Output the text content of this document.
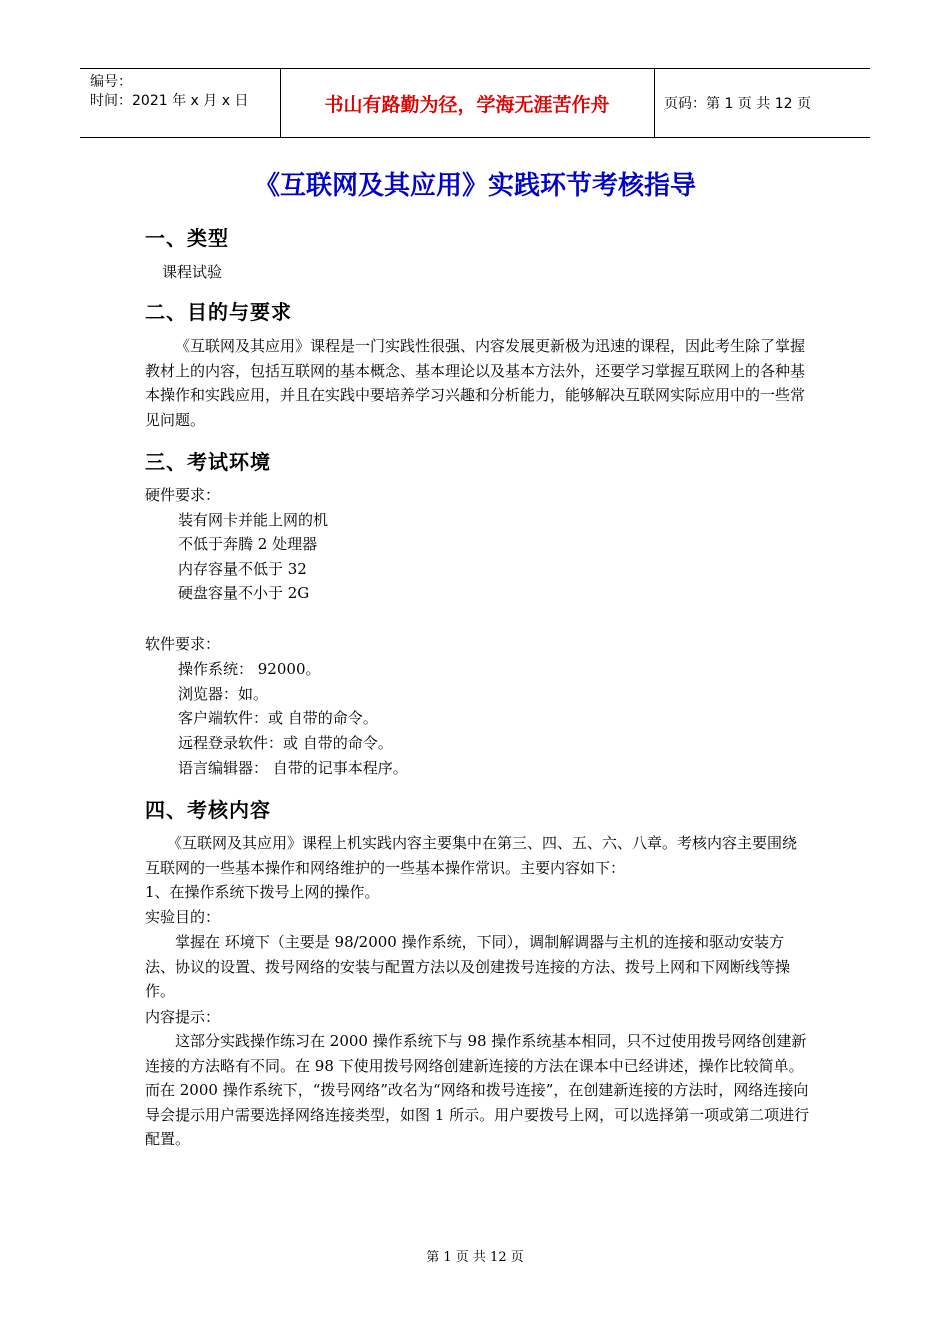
编号：
时间：2021 年 x 月 x 日	书山有路勤为径，学海无涯苦作舟	页码：第 1 页 共 12 页
《互联网及其应用》实践环节考核指导
一、类型
课程试验
二、目的与要求
《互联网及其应用》课程是一门实践性很强、内容发展更新极为迅速的课程，因此考生除了掌握教材上的内容，包括互联网的基本概念、基本理论以及基本方法外，还要学习掌握互联网上的各种基本操作和实践应用，并且在实践中要培养学习兴趣和分析能力，能够解决互联网实际应用中的一些常见问题。
三、考试环境
硬件要求：
装有网卡并能上网的机
不低于奔腾 2 处理器
内存容量不低于 32
硬盘容量不小于 2G
软件要求：
操作系统： 92000。
浏览器：如。
客户端软件：或 自带的命令。
远程登录软件：或 自带的命令。
语言编辑器： 自带的记事本程序。
四、考核内容
《互联网及其应用》课程上机实践内容主要集中在第三、四、五、六、八章。考核内容主要围绕互联网的一些基本操作和网络维护的一些基本操作常识。主要内容如下：
1、在操作系统下拨号上网的操作。
实验目的：
掌握在 环境下（主要是 98/2000 操作系统，下同），调制解调器与主机的连接和驱动安装方法、协议的设置、拨号网络的安装与配置方法以及创建拨号连接的方法、拨号上网和下网断线等操作。
内容提示：
这部分实践操作练习在 2000 操作系统下与 98 操作系统基本相同，只不过使用拨号网络创建新连接的方法略有不同。在 98 下使用拨号网络创建新连接的方法在课本中已经讲述，操作比较简单。而在 2000 操作系统下，“拨号网络”改名为“网络和拨号连接”，在创建新连接的方法时，网络连接向导会提示用户需要选择网络连接类型，如图 1 所示。用户要拨号上网，可以选择第一项或第二项进行配置。
第 1 页 共 12 页
